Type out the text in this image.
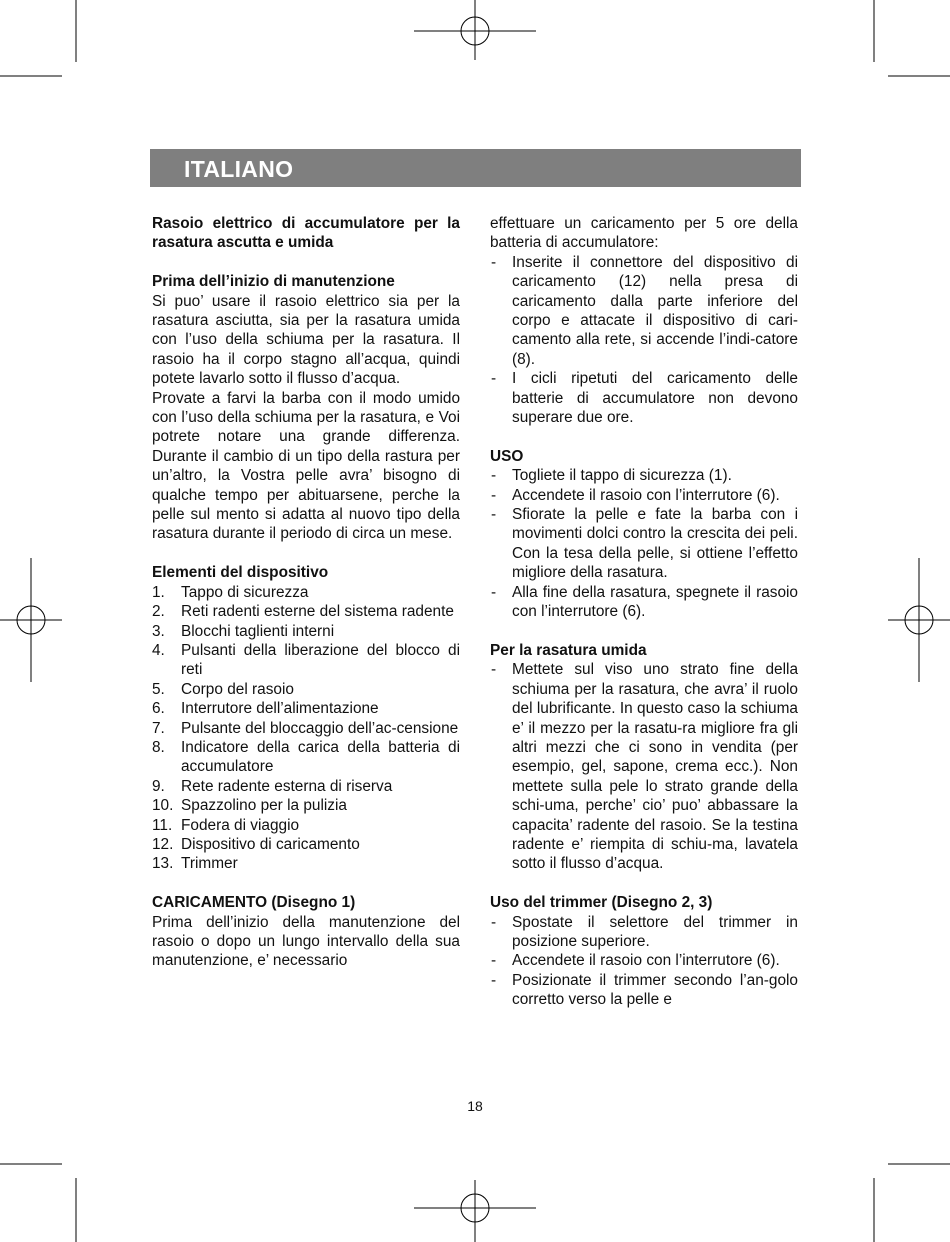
ITALIANO

Rasoio elettrico di accumulatore per la rasatura ascutta e umida

Prima dell’inizio di manutenzione

Si puo’ usare il rasoio elettrico sia per la rasatura asciutta, sia per la rasatura umida con l’uso della schiuma per la rasatura. Il rasoio ha il corpo stagno all’acqua, quindi potete lavarlo sotto il flusso d’acqua.

Provate a farvi la barba con il modo umido con l’uso della schiuma per la rasatura, e Voi potrete notare una grande differenza. Durante il cambio di un tipo della rastura per un’altro, la Vostra pelle avra’ bisogno di qualche tempo per abituarsene, perche la pelle sul mento si adatta al nuovo tipo della rasatura durante il periodo di circa un mese.

Elementi del dispositivo

1.	Tappo di sicurezza
2.	Reti radenti esterne del sistema radente
3.	Blocchi taglienti interni
4.	Pulsanti della liberazione del blocco di reti
5.	Corpo del rasoio
6.	Interrutore dell’alimentazione
7.	Pulsante del bloccaggio dell’ac-censione
8.	Indicatore della carica della batteria di accumulatore
9.	Rete radente esterna di riserva
10. Spazzolino per la pulizia
11. Fodera di viaggio
12. Dispositivo di caricamento
13. Trimmer

CARICAMENTO (Disegno 1)

Prima dell’inizio della manutenzione del rasoio o dopo un lungo intervallo della sua manutenzione, e’ necessario

effettuare un caricamento per 5 ore della batteria di accumulatore:

-	Inserite il connettore del dispositivo di caricamento (12) nella presa di caricamento dalla parte inferiore del corpo e attacate il dispositivo di cari-camento alla rete, si accende l’indi-catore (8).
-	I cicli ripetuti del caricamento delle batterie di accumulatore non devono superare due ore.

USO

-	Togliete il tappo di sicurezza (1).
-	Accendete il rasoio con l’interrutore (6).
-	Sfiorate la pelle e fate la barba con i movimenti dolci contro la crescita dei peli. Con la tesa della pelle, si ottiene l’effetto migliore della rasatura.
-	Alla fine della rasatura, spegnete il rasoio con l’interrutore (6).

Per la rasatura umida

-	Mettete sul viso uno strato fine della schiuma per la rasatura, che avra’ il ruolo del lubrificante. In questo caso la schiuma e’ il mezzo per la rasatu-ra migliore fra gli altri mezzi che ci sono in vendita (per esempio, gel, sapone, crema ecc.). Non mettete sulla pele lo strato grande della schi-uma, perche’ cio’ puo’ abbassare la capacita’ radente del rasoio. Se la testina radente e’ riempita di schiu-ma, lavatela sotto il flusso d’acqua.

Uso del trimmer (Disegno 2, 3)

-	Spostate il selettore del trimmer in posizione superiore.
-	Accendete il rasoio con l’interrutore (6).
-	Posizionate il trimmer secondo l’an-golo corretto verso la pelle e
18
